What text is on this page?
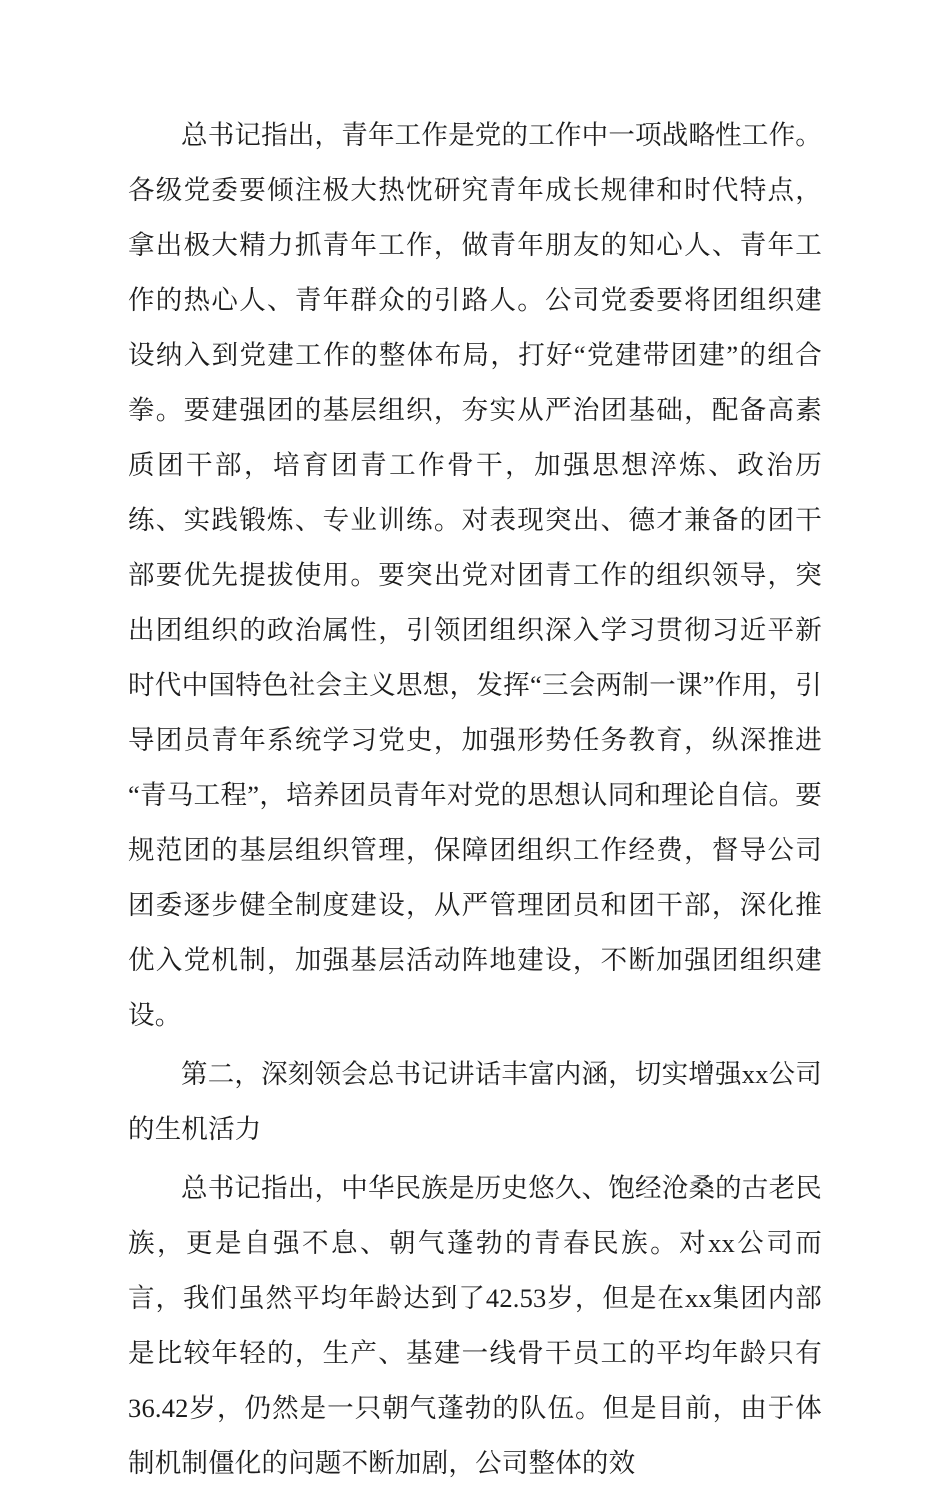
总书记指出，青年工作是党的工作中一项战略性工作。各级党委要倾注极大热忱研究青年成长规律和时代特点，拿出极大精力抓青年工作，做青年朋友的知心人、青年工作的热心人、青年群众的引路人。公司党委要将团组织建设纳入到党建工作的整体布局，打好“党建带团建”的组合拳。要建强团的基层组织，夯实从严治团基础，配备高素质团干部，培育团青工作骨干，加强思想淬炼、政治历练、实践锻炼、专业训练。对表现突出、德才兼备的团干部要优先提拔使用。要突出党对团青工作的组织领导，突出团组织的政治属性，引领团组织深入学习贯彻习近平新时代中国特色社会主义思想，发挥“三会两制一课”作用，引导团员青年系统学习党史，加强形势任务教育，纵深推进“青马工程”，培养团员青年对党的思想认同和理论自信。要规范团的基层组织管理，保障团组织工作经费，督导公司团委逐步健全制度建设，从严管理团员和团干部，深化推优入党机制，加强基层活动阵地建设，不断加强团组织建设。

第二，深刻领会总书记讲话丰富内涵，切实增强xx公司的生机活力

总书记指出，中华民族是历史悠久、饱经沧桑的古老民族，更是自强不息、朝气蓬勃的青春民族。对xx公司而言，我们虽然平均年龄达到了42.53岁，但是在xx集团内部是比较年轻的，生产、基建一线骨干员工的平均年龄只有36.42岁，仍然是一只朝气蓬勃的队伍。但是目前，由于体制机制僵化的问题不断加剧，公司整体的效
